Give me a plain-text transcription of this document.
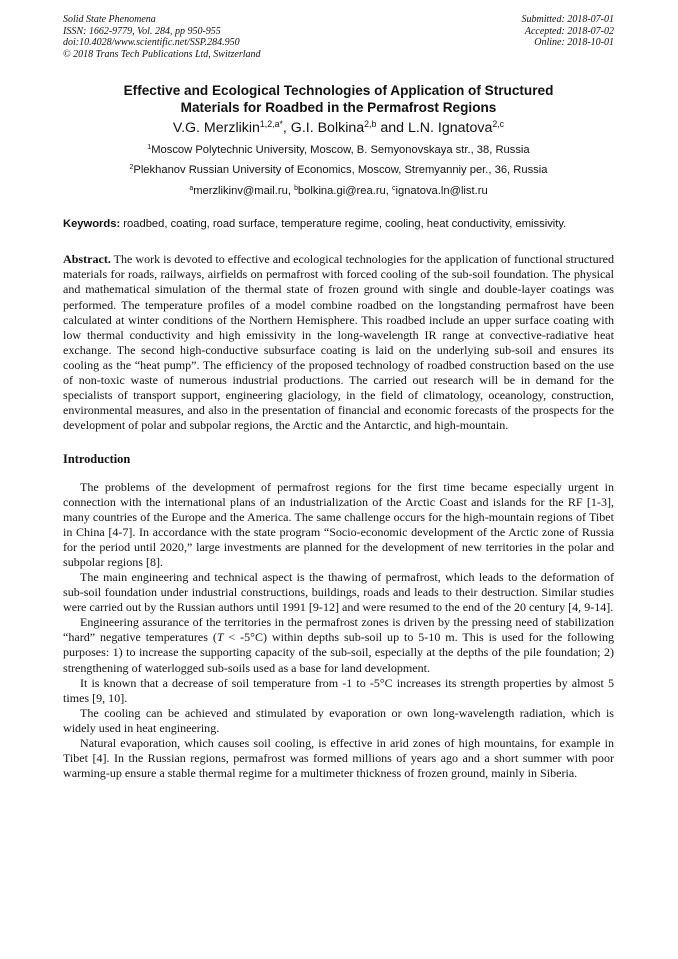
Solid State Phenomena
ISSN: 1662-9779, Vol. 284, pp 950-955
doi:10.4028/www.scientific.net/SSP.284.950
© 2018 Trans Tech Publications Ltd, Switzerland
Submitted: 2018-07-01
Accepted: 2018-07-02
Online: 2018-10-01
Effective and Ecological Technologies of Application of Structured
Materials for Roadbed in the Permafrost Regions
V.G. Merzlikin$^{1,2,a*}$, G.I. Bolkina$^{2,b}$ and L.N. Ignatova$^{2,c}$
$^1$Moscow Polytechnic University, Moscow, B. Semyonovskaya str., 38, Russia
$^2$Plekhanov Russian University of Economics, Moscow, Stremyanniy per., 36, Russia
$^a$merzlikinv@mail.ru, $^b$bolkina.gi@rea.ru, $^c$ignatova.ln@list.ru
Keywords: roadbed, coating, road surface, temperature regime, cooling, heat conductivity, emissivity.
Abstract. The work is devoted to effective and ecological technologies for the application of functional structured materials for roads, railways, airfields on permafrost with forced cooling of the sub-soil foundation. The physical and mathematical simulation of the thermal state of frozen ground with single and double-layer coatings was performed. The temperature profiles of a model combine roadbed on the longstanding permafrost have been calculated at winter conditions of the Northern Hemisphere. This roadbed include an upper surface coating with low thermal conductivity and high emissivity in the long-wavelength IR range at convective-radiative heat exchange. The second high-conductive subsurface coating is laid on the underlying sub-soil and ensures its cooling as the “heat pump”. The efficiency of the proposed technology of roadbed construction based on the use of non-toxic waste of numerous industrial productions. The carried out research will be in demand for the specialists of transport support, engineering glaciology, in the field of climatology, oceanology, construction, environmental measures, and also in the presentation of financial and economic forecasts of the prospects for the development of polar and subpolar regions, the Arctic and the Antarctic, and high-mountain.
Introduction

The problems of the development of permafrost regions for the first time became especially urgent in connection with the international plans of an industrialization of the Arctic Coast and islands for the RF [1-3], many countries of the Europe and the America. The same challenge occurs for the high-mountain regions of Tibet in China [4-7]. In accordance with the state program “Socio-economic development of the Arctic zone of Russia for the period until 2020,” large investments are planned for the development of new territories in the polar and subpolar regions [8].

The main engineering and technical aspect is the thawing of permafrost, which leads to the deformation of sub-soil foundation under industrial constructions, buildings, roads and leads to their destruction. Similar studies were carried out by the Russian authors until 1991 [9-12] and were resumed to the end of the 20 century [4, 9-14].

Engineering assurance of the territories in the permafrost zones is driven by the pressing need of stabilization “hard” negative temperatures (T < -5°C) within depths sub-soil up to 5-10 m. This is used for the following purposes: 1) to increase the supporting capacity of the sub-soil, especially at the depths of the pile foundation; 2) strengthening of waterlogged sub-soils used as a base for land development.

It is known that a decrease of soil temperature from -1 to -5°C increases its strength properties by almost 5 times [9, 10].

The cooling can be achieved and stimulated by evaporation or own long-wavelength radiation, which is widely used in heat engineering.

Natural evaporation, which causes soil cooling, is effective in arid zones of high mountains, for example in Tibet [4]. In the Russian regions, permafrost was formed millions of years ago and a short summer with poor warming-up ensure a stable thermal regime for a multimeter thickness of frozen ground, mainly in Siberia.
